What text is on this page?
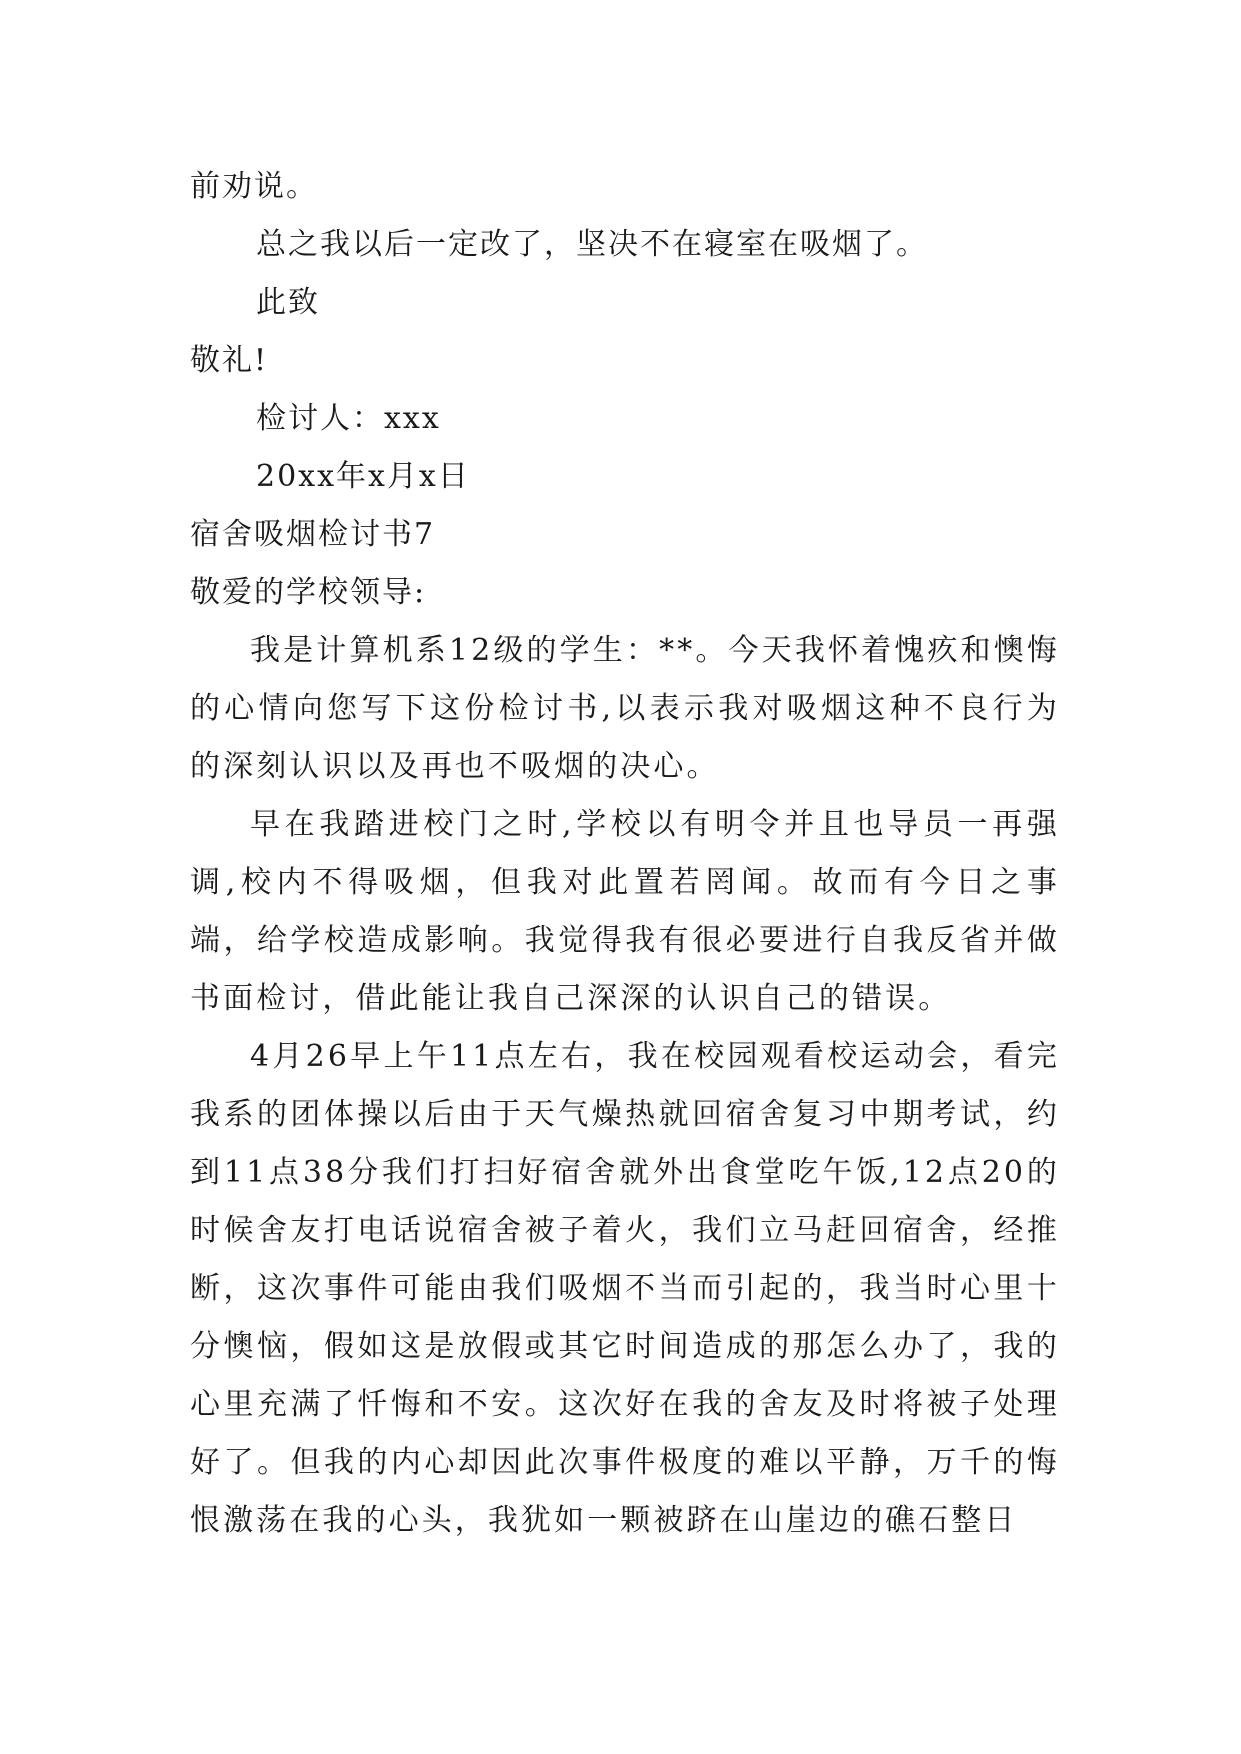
前劝说。
总之我以后一定改了，坚决不在寝室在吸烟了。
此致
敬礼!
检讨人：xxx
20xx年x月x日
宿舍吸烟检讨书7
敬爱的学校领导:

我是计算机系12级的学生：**。今天我怀着愧疚和懊悔的心情向您写下这份检讨书,以表示我对吸烟这种不良行为的深刻认识以及再也不吸烟的决心。

早在我踏进校门之时,学校以有明令并且也导员一再强调,校内不得吸烟，但我对此置若罔闻。故而有今日之事端，给学校造成影响。我觉得我有很必要进行自我反省并做书面检讨，借此能让我自己深深的认识自己的错误。

4月26早上午11点左右，我在校园观看校运动会，看完我系的团体操以后由于天气燥热就回宿舍复习中期考试，约到11点38分我们打扫好宿舍就外出食堂吃午饭,12点20的时候舍友打电话说宿舍被子着火，我们立马赶回宿舍，经推断，这次事件可能由我们吸烟不当而引起的，我当时心里十分懊恼，假如这是放假或其它时间造成的那怎么办了，我的心里充满了忏悔和不安。这次好在我的舍友及时将被子处理好了。但我的内心却因此次事件极度的难以平静，万千的悔恨激荡在我的心头，我犹如一颗被跻在山崖边的礁石整日
